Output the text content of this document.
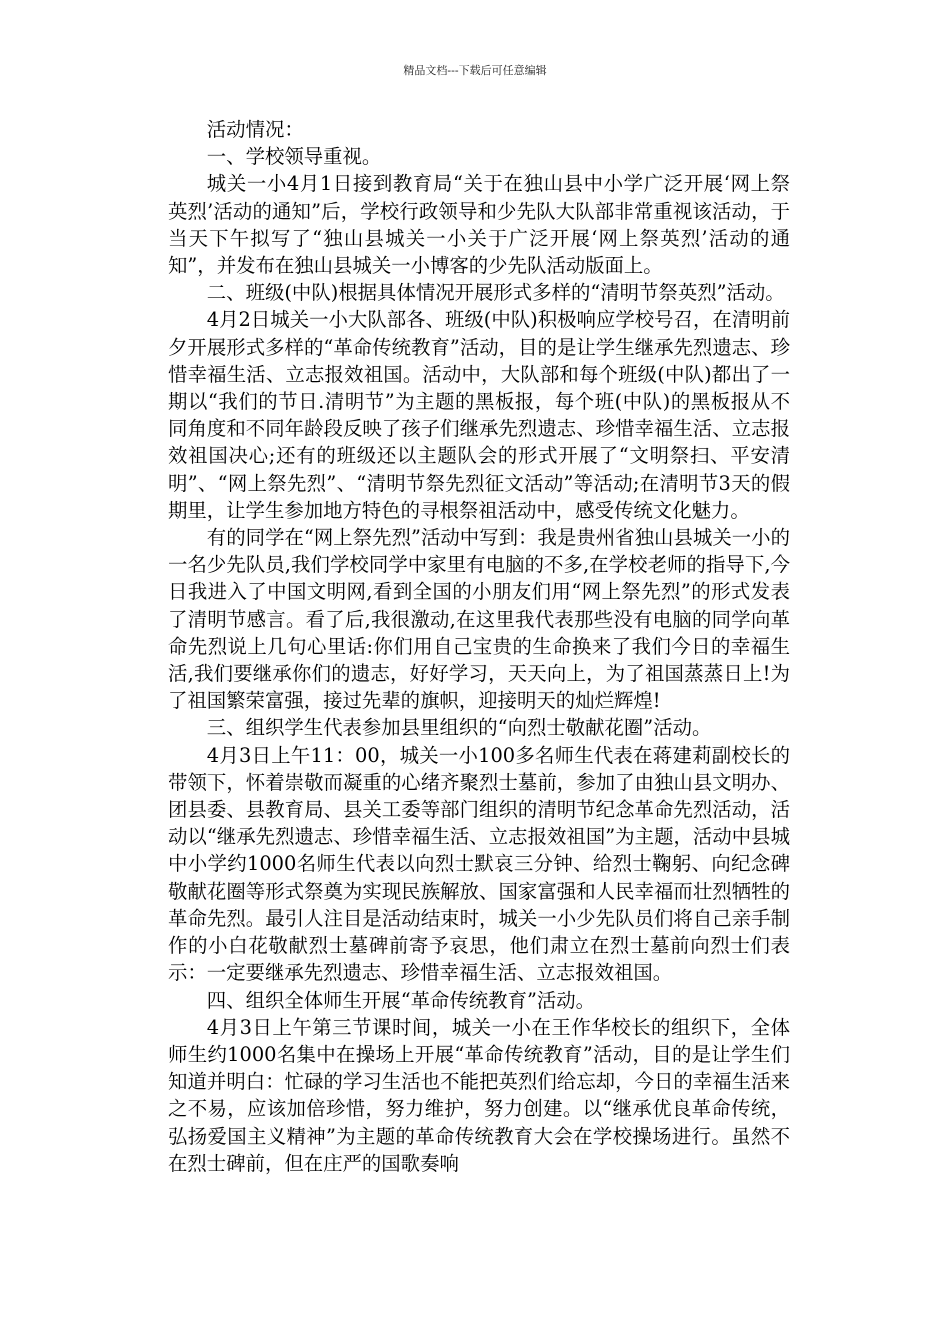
精品文档---下载后可任意编辑

活动情况：

一、学校领导重视。

城关一小4月1日接到教育局“关于在独山县中小学广泛开展‘网上祭英烈’活动的通知”后，学校行政领导和少先队大队部非常重视该活动，于当天下午拟写了“独山县城关一小关于广泛开展‘网上祭英烈’活动的通知”，并发布在独山县城关一小博客的少先队活动版面上。

二、班级(中队)根据具体情况开展形式多样的“清明节祭英烈”活动。

4月2日城关一小大队部各、班级(中队)积极响应学校号召，在清明前夕开展形式多样的“革命传统教育”活动，目的是让学生继承先烈遗志、珍惜幸福生活、立志报效祖国。活动中，大队部和每个班级(中队)都出了一期以“我们的节日.清明节”为主题的黑板报，每个班(中队)的黑板报从不同角度和不同年龄段反映了孩子们继承先烈遗志、珍惜幸福生活、立志报效祖国决心;还有的班级还以主题队会的形式开展了“文明祭扫、平安清明”、“网上祭先烈”、“清明节祭先烈征文活动”等活动;在清明节3天的假期里，让学生参加地方特色的寻根祭祖活动中，感受传统文化魅力。

有的同学在“网上祭先烈”活动中写到：我是贵州省独山县城关一小的一名少先队员,我们学校同学中家里有电脑的不多,在学校老师的指导下,今日我进入了中国文明网,看到全国的小朋友们用“网上祭先烈”的形式发表了清明节感言。看了后,我很激动,在这里我代表那些没有电脑的同学向革命先烈说上几句心里话:你们用自己宝贵的生命换来了我们今日的幸福生活,我们要继承你们的遗志，好好学习，天天向上，为了祖国蒸蒸日上!为了祖国繁荣富强，接过先辈的旗帜，迎接明天的灿烂辉煌!

三、组织学生代表参加县里组织的“向烈士敬献花圈”活动。

4月3日上午11：00，城关一小100多名师生代表在蒋建莉副校长的带领下，怀着崇敬而凝重的心绪齐聚烈士墓前，参加了由独山县文明办、团县委、县教育局、县关工委等部门组织的清明节纪念革命先烈活动，活动以“继承先烈遗志、珍惜幸福生活、立志报效祖国”为主题，活动中县城中小学约1000名师生代表以向烈士默哀三分钟、给烈士鞠躬、向纪念碑敬献花圈等形式祭奠为实现民族解放、国家富强和人民幸福而壮烈牺牲的革命先烈。最引人注目是活动结束时，城关一小少先队员们将自己亲手制作的小白花敬献烈士墓碑前寄予哀思，他们肃立在烈士墓前向烈士们表示：一定要继承先烈遗志、珍惜幸福生活、立志报效祖国。

四、组织全体师生开展“革命传统教育”活动。

4月3日上午第三节课时间，城关一小在王作华校长的组织下，全体师生约1000名集中在操场上开展“革命传统教育”活动，目的是让学生们知道并明白：忙碌的学习生活也不能把英烈们给忘却，今日的幸福生活来之不易，应该加倍珍惜，努力维护，努力创建。以“继承优良革命传统，弘扬爱国主义精神”为主题的革命传统教育大会在学校操场进行。虽然不在烈士碑前，但在庄严的国歌奏响
